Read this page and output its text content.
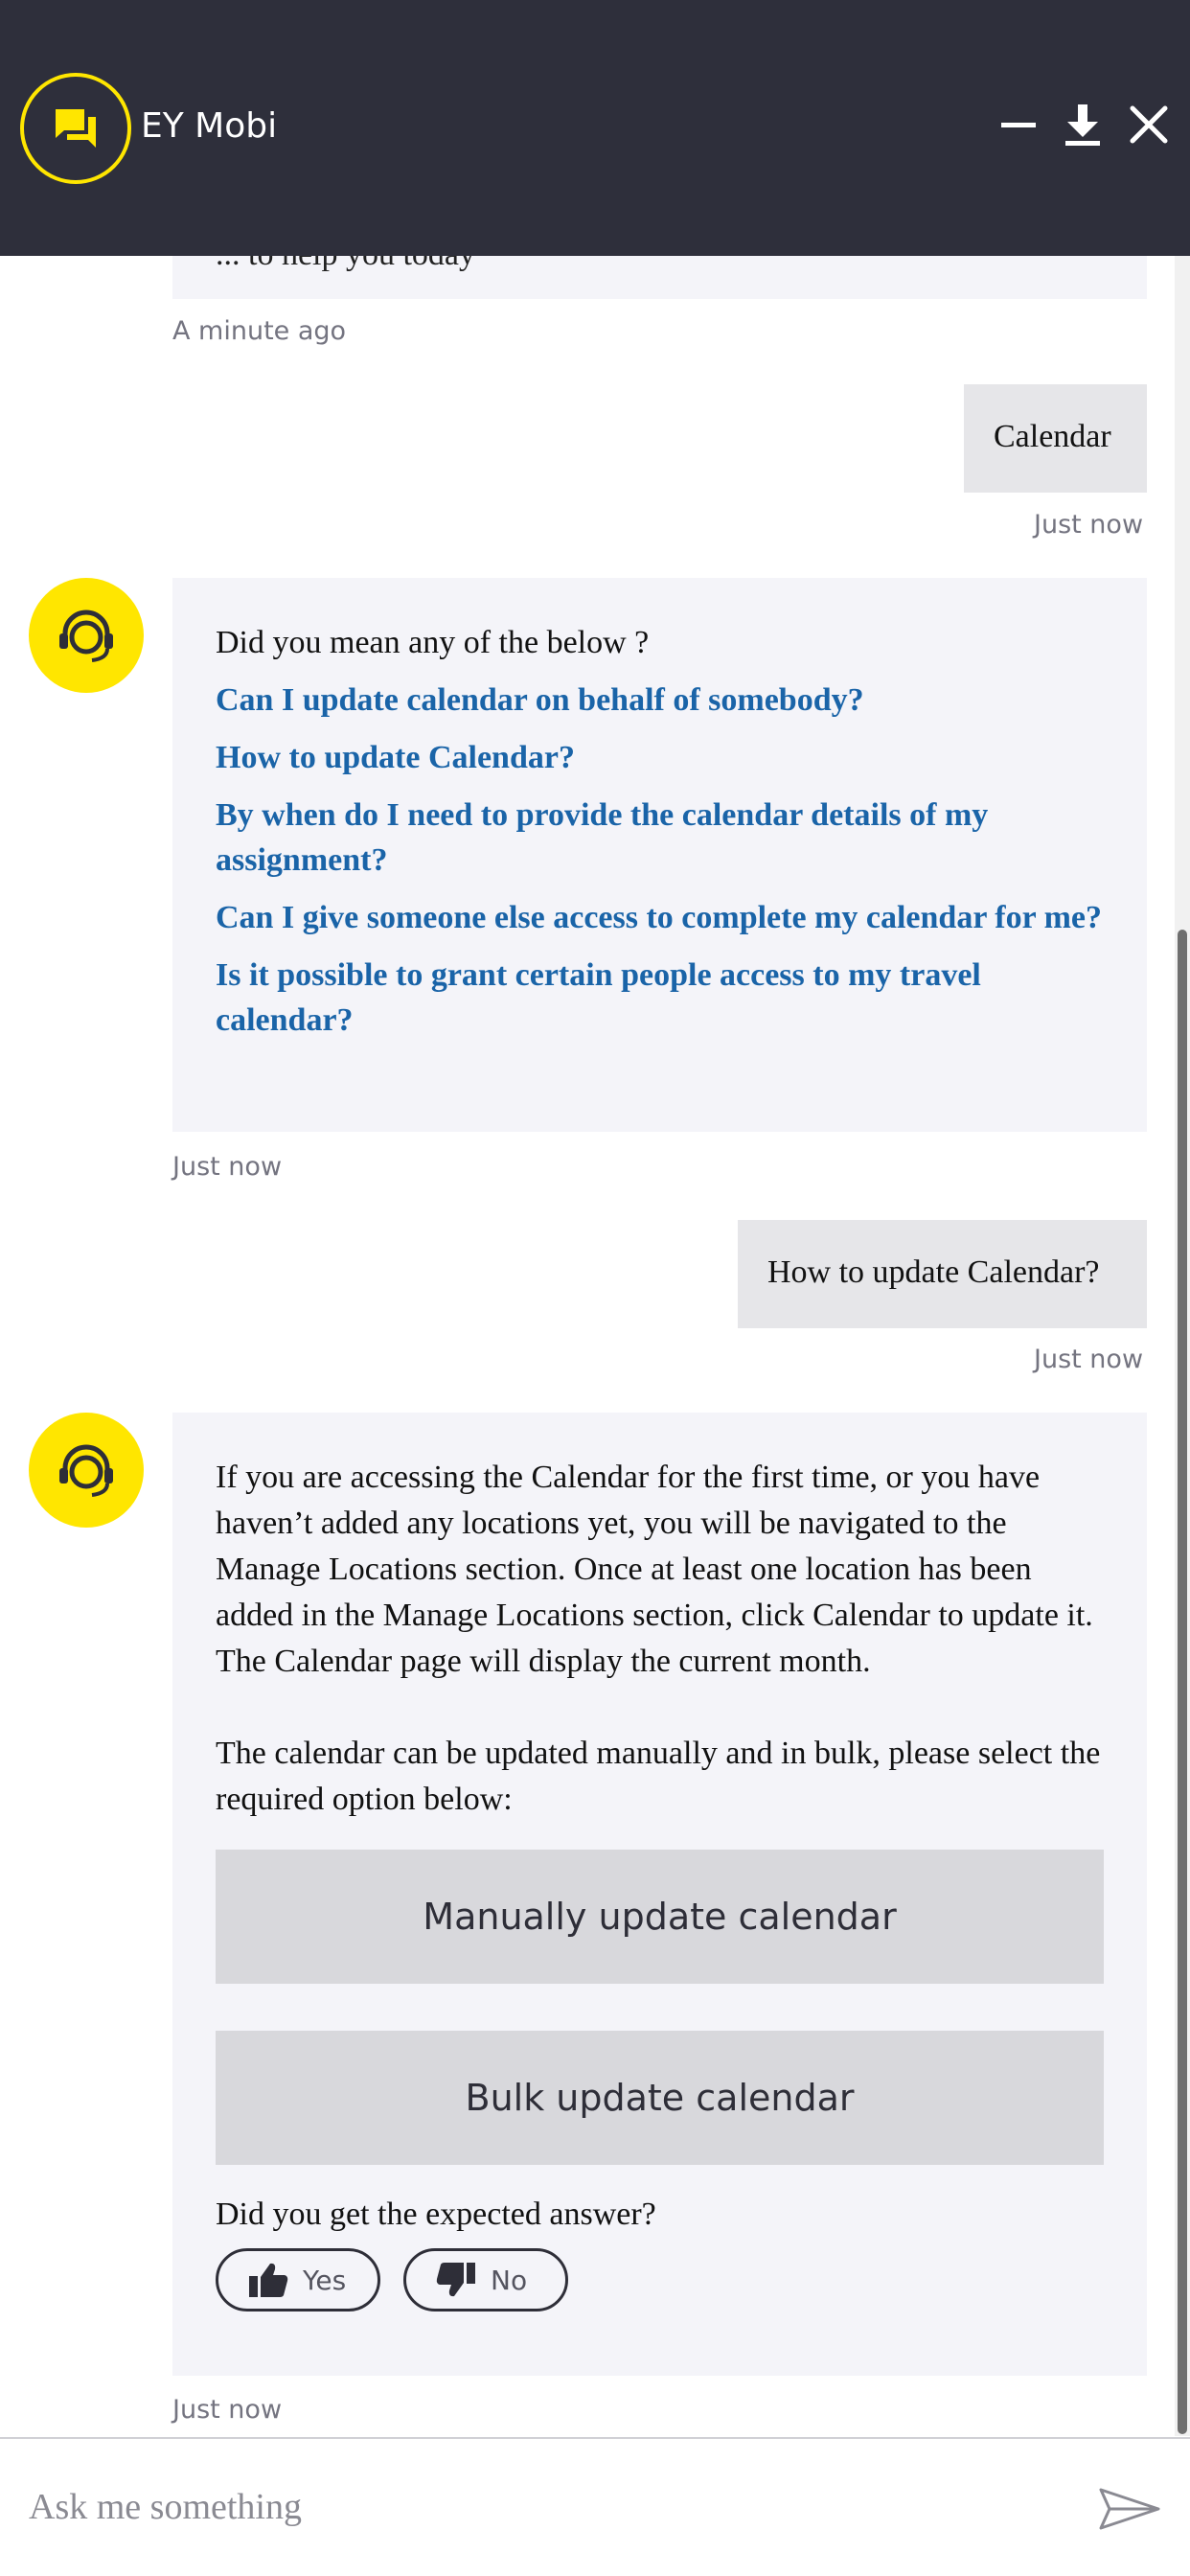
EY Mobi
A minute ago
Calendar
Just now
Did you mean any of the below ?
Can I update calendar on behalf of somebody?
How to update Calendar?
By when do I need to provide the calendar details of my assignment?
Can I give someone else access to complete my calendar for me?
Is it possible to grant certain people access to my travel calendar?
Just now
How to update Calendar?
Just now
If you are accessing the Calendar for the first time, or you have haven’t added any locations yet, you will be navigated to the Manage Locations section. Once at least one location has been added in the Manage Locations section, click Calendar to update it. The Calendar page will display the current month.
The calendar can be updated manually and in bulk, please select the required option below:
Manually update calendar
Bulk update calendar
Did you get the expected answer?
Yes	No
Just now
Ask me something
